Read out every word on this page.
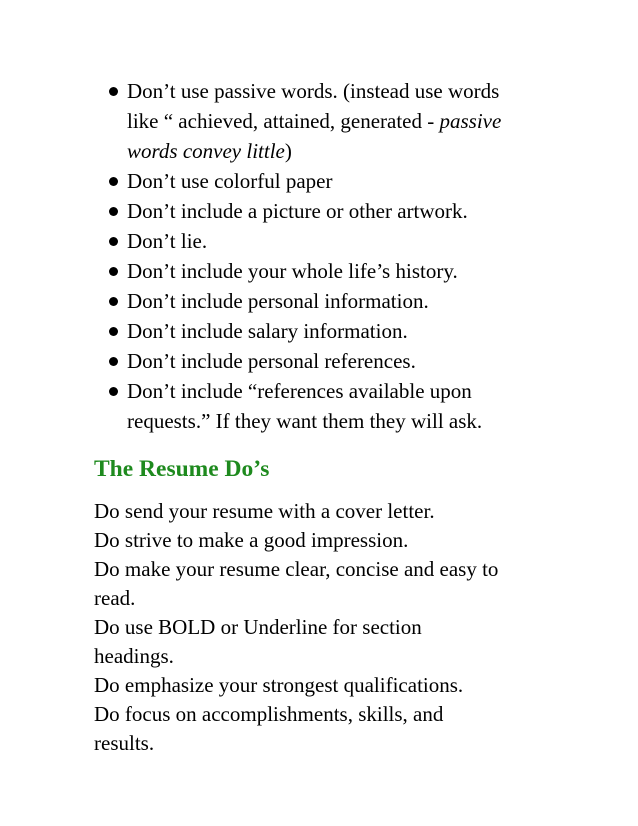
Don’t use passive words. (instead use words
like “ achieved, attained, generated - passive
words convey little)
Don’t use colorful paper
Don’t include a picture or other artwork.
Don’t lie.
Don’t include your whole life’s history.
Don’t include personal information.
Don’t include salary information.
Don’t include personal references.
Don’t include “references available upon
requests.” If they want them they will ask.
The Resume Do’s
Do send your resume with a cover letter.
Do strive to make a good impression.
Do make your resume clear, concise and easy to
read.
Do use BOLD or Underline for section
headings.
Do emphasize your strongest qualifications.
Do focus on accomplishments, skills, and
results.
